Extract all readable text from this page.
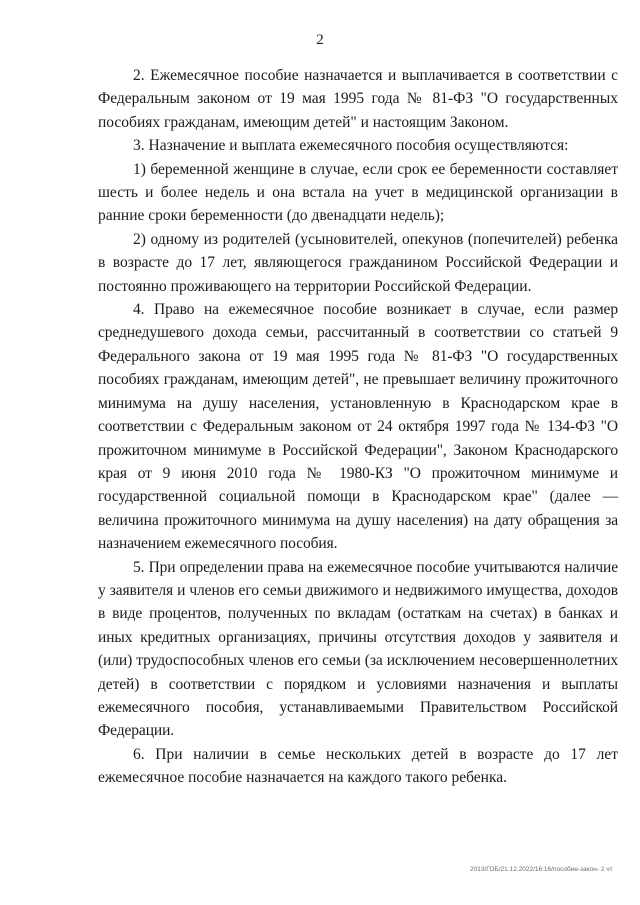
2

2. Ежемесячное пособие назначается и выплачивается в соответствии с Федеральным законом от 19 мая 1995 года № 81-ФЗ "О государственных пособиях гражданам, имеющим детей" и настоящим Законом.

3. Назначение и выплата ежемесячного пособия осуществляются:

1) беременной женщине в случае, если срок ее беременности составляет шесть и более недель и она встала на учет в медицинской организации в ранние сроки беременности (до двенадцати недель);

2) одному из родителей (усыновителей, опекунов (попечителей) ребенка в возрасте до 17 лет, являющегося гражданином Российской Федерации и постоянно проживающего на территории Российской Федерации.

4. Право на ежемесячное пособие возникает в случае, если размер среднедушевого дохода семьи, рассчитанный в соответствии со статьей 9 Федерального закона от 19 мая 1995 года № 81-ФЗ "О государственных пособиях гражданам, имеющим детей", не превышает величину прожиточного минимума на душу населения, установленную в Краснодарском крае в соответствии с Федеральным законом от 24 октября 1997 года № 134-ФЗ "О прожиточном минимуме в Российской Федерации", Законом Краснодарского края от 9 июня 2010 года № 1980-КЗ "О прожиточном минимуме и государственной социальной помощи в Краснодарском крае" (далее — величина прожиточного минимума на душу населения) на дату обращения за назначением ежемесячного пособия.

5. При определении права на ежемесячное пособие учитываются наличие у заявителя и членов его семьи движимого и недвижимого имущества, доходов в виде процентов, полученных по вкладам (остаткам на счетах) в банках и иных кредитных организациях, причины отсутствия доходов у заявителя и (или) трудоспособных членов его семьи (за исключением несовершеннолетних детей) в соответствии с порядком и условиями назначения и выплаты ежемесячного пособия, устанавливаемыми Правительством Российской Федерации.

6. При наличии в семье нескольких детей в возрасте до 17 лет ежемесячное пособие назначается на каждого такого ребенка.

2013/ГОБ/21.12.2022/16:16/пособие-закон- 2 чт
